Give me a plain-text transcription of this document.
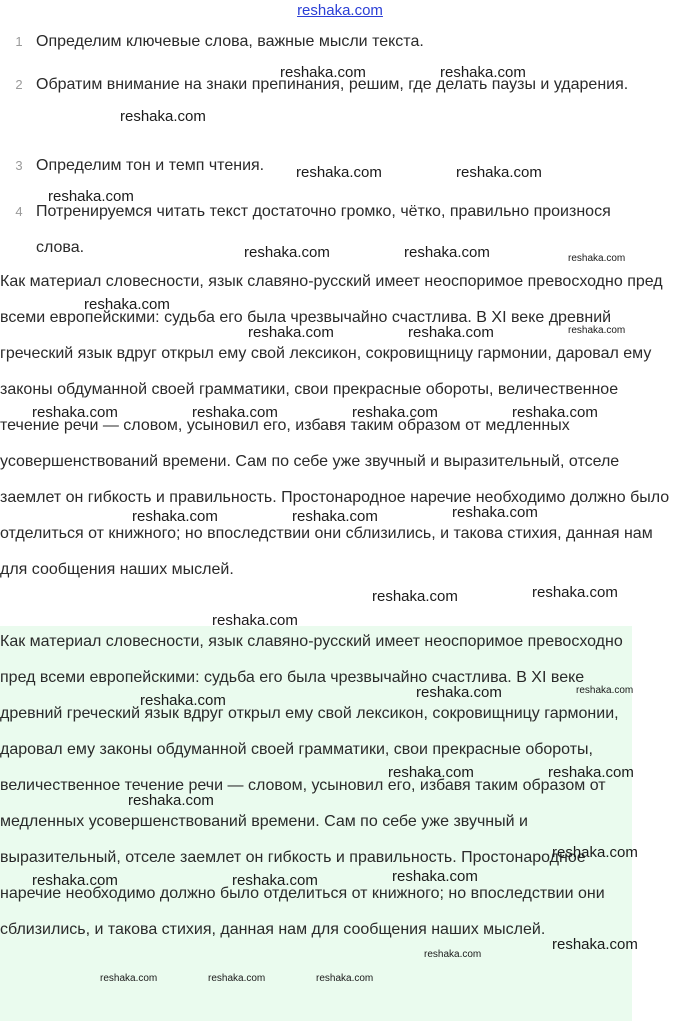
reshaka.com
1 Определим ключевые слова, важные мысли текста.
2 Обратим внимание на знаки препинания, решим, где делать паузы и ударения.
3 Определим тон и темп чтения.
4 Потренируемся читать текст достаточно громко, чётко, правильно произнося слова.

Как материал словесности, язык славяно-русский имеет неоспоримое превосходно пред всеми европейскими: судьба его была чрезвычайно счастлива. В XI веке древний греческий язык вдруг открыл ему свой лексикон, сокровищницу гармонии, даровал ему законы обдуманной своей грамматики, свои прекрасные обороты, величественное течение речи — словом, усыновил его, избавя таким образом от медленных усовершенствований времени. Сам по себе уже звучный и выразительный, отселе заемлет он гибкость и правильность. Простонародное наречие необходимо должно было отделиться от книжного; но впоследствии они сблизились, и такова стихия, данная нам для сообщения наших мыслей.

Как материал словесности, язык славяно-русский имеет неоспоримое превосходно пред всеми европейскими: судьба его была чрезвычайно счастлива. В XI веке древний греческий язык вдруг открыл ему свой лексикон, сокровищницу гармонии, даровал ему законы обдуманной своей грамматики, свои прекрасные обороты, величественное течение речи — словом, усыновил его, избавя таким образом от медленных усовершенствований времени. Сам по себе уже звучный и выразительный, отселе заемлет он гибкость и правильность. Простонародное наречие необходимо должно было отделиться от книжного; но впоследствии они сблизились, и такова стихия, данная нам для сообщения наших мыслей.

reshaka.com	reshaka.com
reshaka.com
reshaka.com	reshaka.com
reshaka.com
reshaka.com	reshaka.com	reshaka.com
reshaka.com
reshaka.com	reshaka.com	reshaka.com
reshaka.com	reshaka.com	reshaka.com	reshaka.com
reshaka.com
reshaka.com	reshaka.com
reshaka.com
reshaka.com
reshaka.com
reshaka.com	reshaka.com
reshaka.com
reshaka.com	reshaka.com
reshaka.com
reshaka.com
reshaka.com
reshaka.com	reshaka.com
reshaka.com
reshaka.com
reshaka.com	reshaka.com	reshaka.com
